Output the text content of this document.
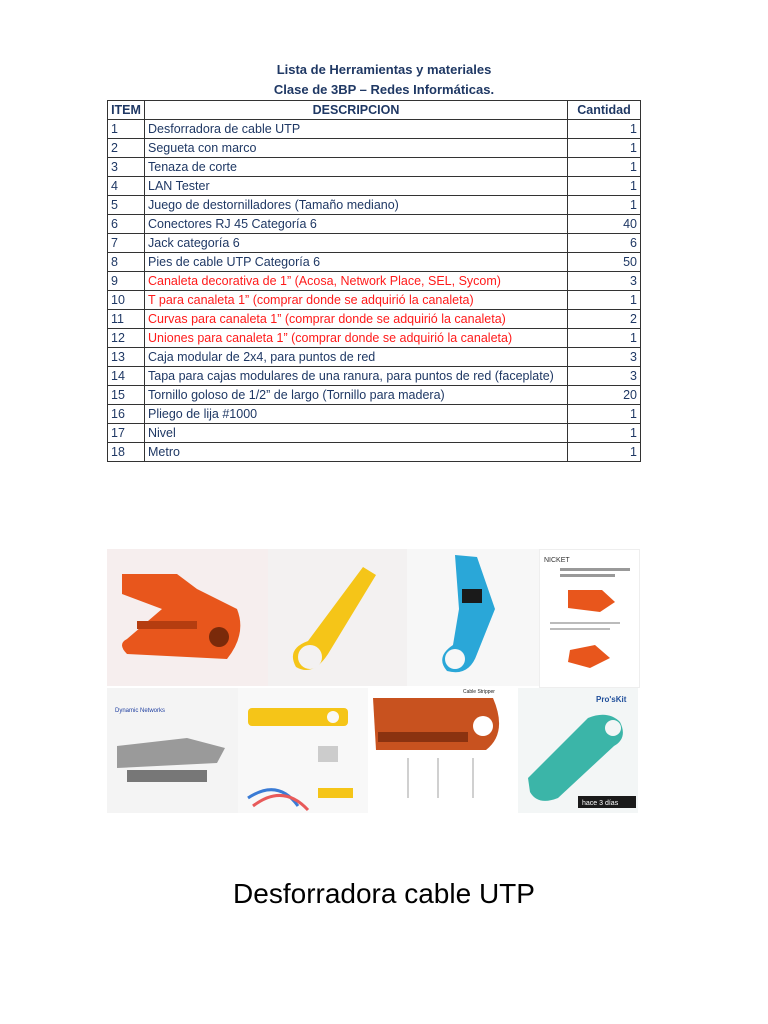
Lista de Herramientas y materiales
Clase de 3BP – Redes Informáticas.
ITEM	DESCRIPCION	Cantidad
1	Desforradora de cable UTP	1
2	Segueta con marco	1
3	Tenaza de corte	1
4	LAN Tester	1
5	Juego de destornilladores (Tamaño mediano)	1
6	Conectores RJ 45 Categoría 6	40
7	Jack categoría 6	6
8	Pies de cable UTP Categoría 6	50
9	Canaleta decorativa de 1” (Acosa, Network Place, SEL, Sycom)	3
10	T para canaleta 1” (comprar donde se adquirió la canaleta)	1
11	Curvas para canaleta 1” (comprar donde se adquirió la canaleta)	2
12	Uniones para canaleta 1” (comprar donde se adquirió la canaleta)	1
13	Caja modular de 2x4, para puntos de red	3
14	Tapa para cajas modulares de una ranura, para puntos de red (faceplate)	3
15	Tornillo goloso de 1/2” de largo (Tornillo para madera)	20
16	Pliego de lija #1000	1
17	Nivel	1
18	Metro	1
NICKET
Dynamic Networks
Cable Stripper
Pro'sKit
hace 3 días
Desforradora cable UTP
